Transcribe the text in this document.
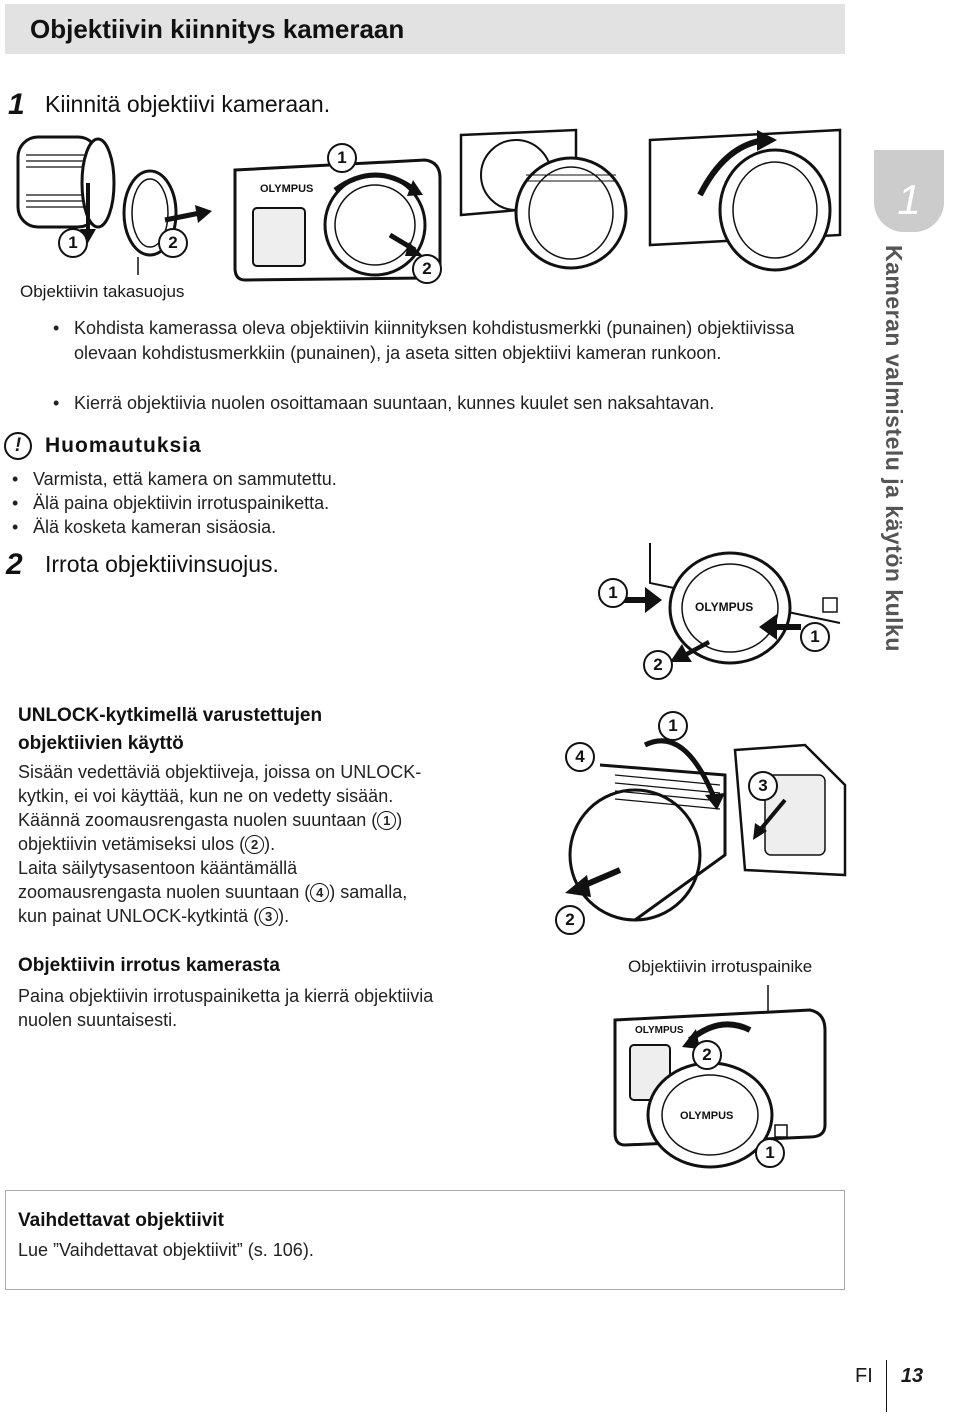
Objektiivin kiinnitys kameraan
1 Kiinnitä objektiivi kameraan.
1	2
Objektiivin takasuojus
OLYMPUS
1
2
• Kohdista kamerassa oleva objektiivin kiinnityksen kohdistusmerkki (punainen) objektiivissa olevaan kohdistusmerkkiin (punainen), ja aseta sitten objektiivi kameran runkoon.
• Kierrä objektiivia nuolen osoittamaan suuntaan, kunnes kuulet sen naksahtavan.
!	Huomautuksia
• Varmista, että kamera on sammutettu.
• Älä paina objektiivin irrotuspainiketta.
• Älä kosketa kameran sisäosia.
2 Irrota objektiivinsuojus.
OLYMPUS
1
1
2
UNLOCK-kytkimellä varustettujen
objektiivien käyttö
Sisään vedettäviä objektiiveja, joissa on UNLOCK-
kytkin, ei voi käyttää, kun ne on vedetty sisään.
Käännä zoomausrengasta nuolen suuntaan ( 1 )
objektiivin vetämiseksi ulos ( 2 ).
Laita säilytysasentoon kääntämällä
zoomausrengasta nuolen suuntaan ( 4 ) samalla,
kun painat UNLOCK-kytkintä ( 3 ).
1
4
3
2
Objektiivin irrotus kamerasta
Paina objektiivin irrotuspainiketta ja kierrä objektiivia
nuolen suuntaisesti.
Objektiivin irrotuspainike
OLYMPUS
OLYMPUS
2
1
Vaihdettavat objektiivit
Lue ”Vaihdettavat objektiivit” (s. 106).
1
Kameran valmistelu ja käytön kulku
FI 13
